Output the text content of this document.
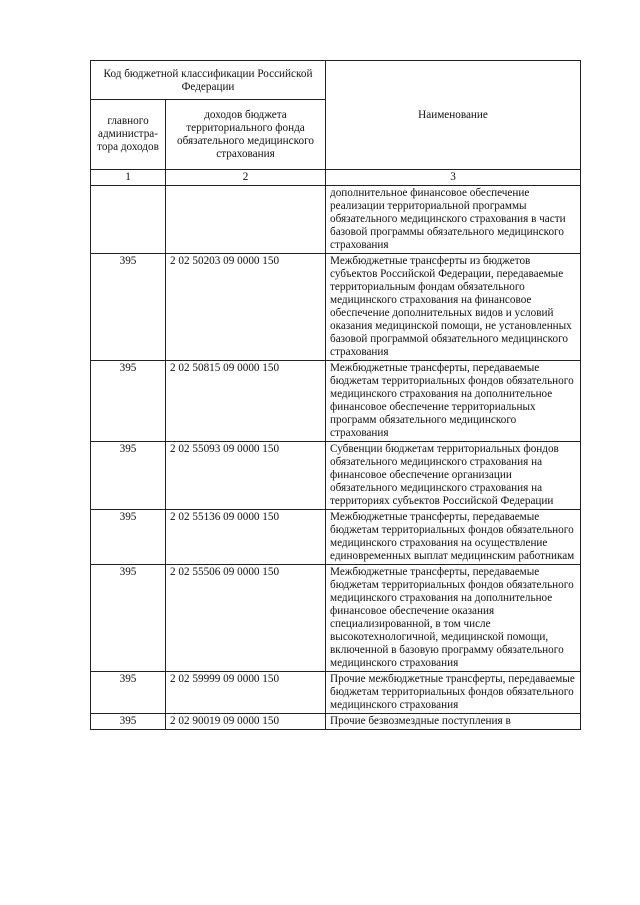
Код бюджетной классификации Российской Федерации		Наименование
главного администра-тора доходов	доходов бюджета территориального фонда обязательного медицинского страхования	
1	2	3
		дополнительное финансовое обеспечение реализации территориальной программы обязательного медицинского страхования в части базовой программы обязательного медицинского страхования
395	2 02 50203 09 0000 150	Межбюджетные трансферты из бюджетов субъектов Российской Федерации, передаваемые территориальным фондам обязательного медицинского страхования на финансовое обеспечение дополнительных видов и условий оказания медицинской помощи, не установленных базовой программой обязательного медицинского страхования
395	2 02 50815 09 0000 150	Межбюджетные трансферты, передаваемые бюджетам территориальных фондов обязательного медицинского страхования на дополнительное финансовое обеспечение территориальных программ обязательного медицинского страхования
395	2 02 55093 09 0000 150	Субвенции бюджетам территориальных фондов обязательного медицинского страхования на финансовое обеспечение организации обязательного медицинского страхования на территориях субъектов Российской Федерации
395	2 02 55136 09 0000 150	Межбюджетные трансферты, передаваемые бюджетам территориальных фондов обязательного медицинского страхования на осуществление единовременных выплат медицинским работникам
395	2 02 55506 09 0000 150	Межбюджетные трансферты, передаваемые бюджетам территориальных фондов обязательного медицинского страхования на дополнительное финансовое обеспечение оказания специализированной, в том числе высокотехнологичной, медицинской помощи, включенной в базовую программу обязательного медицинского страхования
395	2 02 59999 09 0000 150	Прочие межбюджетные трансферты, передаваемые бюджетам территориальных фондов обязательного медицинского страхования
395	2 02 90019 09 0000 150	Прочие безвозмездные поступления в
